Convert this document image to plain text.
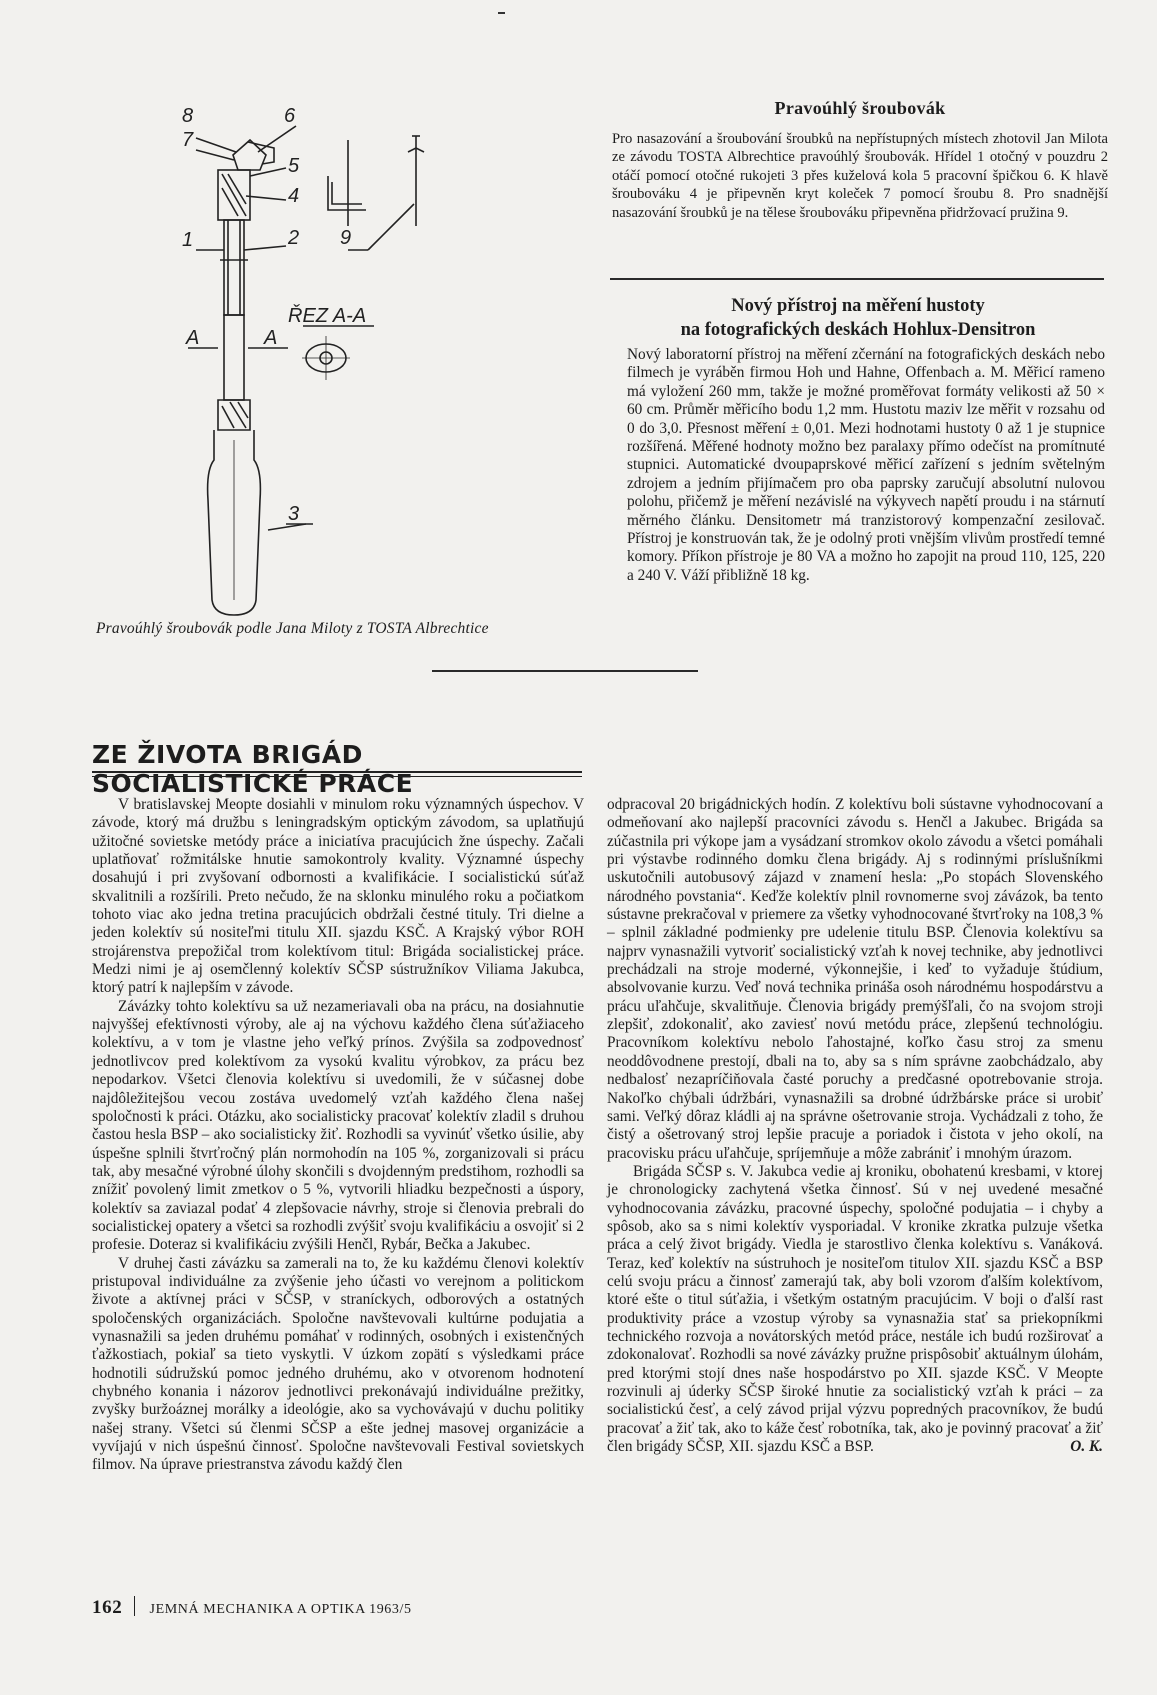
8	6
7
5
4
1	2 9
ŘEZ A-A
A	A
3
Pravoúhlý šroubovák podle Jana Miloty z TOSTA Albrechtice
Pravoúhlý šroubovák
Pro nasazování a šroubování šroubků na nepřístupných místech zhotovil Jan Milota ze závodu TOSTA Albrechtice pravoúhlý šroubovák. Hřídel 1 otočný v pouzdru 2 otáčí pomocí otočné rukojeti 3 přes kuželová kola 5 pracovní špičkou 6. K hlavě šroubováku 4 je připevněn kryt koleček 7 pomocí šroubu 8. Pro snadnější nasazování šroubků je na tělese šroubováku připevněna přidržovací pružina 9.
Nový přístroj na měření hustoty
na fotografických deskách Hohlux-Densitron
Nový laboratorní přístroj na měření zčernání na fotografických deskách nebo filmech je vyráběn firmou Hoh und Hahne, Offenbach a. M. Měřicí rameno má vyložení 260 mm, takže je možné proměřovat formáty velikosti až 50 × 60 cm. Průměr měřicího bodu 1,2 mm. Hustotu maziv lze měřit v rozsahu od 0 do 3,0. Přesnost měření ± 0,01. Mezi hodnotami hustoty 0 až 1 je stupnice rozšířená. Měřené hodnoty možno bez paralaxy přímo odečíst na promítnuté stupnici. Automatické dvoupaprskové měřicí zařízení s jedním světelným zdrojem a jedním přijímačem pro oba paprsky zaručují absolutní nulovou polohu, přičemž je měření nezávislé na výkyvech napětí proudu i na stárnutí měrného článku. Densitometr má tranzistorový kompenzační zesilovač. Přístroj je konstruován tak, že je odolný proti vnějším vlivům prostředí temné komory. Příkon přístroje je 80 VA a možno ho zapojit na proud 110, 125, 220 a 240 V. Váží přibližně 18 kg.
ZE ŽIVOTA BRIGÁD SOCIALISTICKÉ PRÁCE

V bratislavskej Meopte dosiahli v minulom roku významných úspechov. V závode, ktorý má družbu s leningradským optickým závodom, sa uplatňujú užitočné sovietske metódy práce a iniciatíva pracujúcich žne úspechy. Začali uplatňovať rožmitálske hnutie samokontroly kvality. Významné úspechy dosahujú i pri zvyšovaní odbornosti a kvalifikácie. I socialistickú súťaž skvalitnili a rozšírili. Preto nečudo, že na sklonku minulého roku a počiatkom tohoto viac ako jedna tretina pracujúcich obdržali čestné tituly. Tri dielne a jeden kolektív sú nositeľmi titulu XII. sjazdu KSČ. A Krajský výbor ROH strojárenstva prepožičal trom kolektívom titul: Brigáda socialistickej práce. Medzi nimi je aj osemčlenný kolektív SČSP sústružníkov Viliama Jakubca, ktorý patrí k najlepším v závode.

Závázky tohto kolektívu sa už nezameriavali oba na prácu, na dosiahnutie najvyššej efektívnosti výroby, ale aj na výchovu každého člena súťažiaceho kolektívu, a v tom je vlastne jeho veľký prínos. Zvýšila sa zodpovednosť jednotlivcov pred kolektívom za vysokú kvalitu výrobkov, za prácu bez nepodarkov. Všetci členovia kolektívu si uvedomili, že v súčasnej dobe najdôležitejšou vecou zostáva uvedomelý vzťah každého člena našej spoločnosti k práci. Otázku, ako socialisticky pracovať kolektív zladil s druhou častou hesla BSP – ako socialisticky žiť. Rozhodli sa vyvinúť všetko úsilie, aby úspešne splnili štvrťročný plán normohodín na 105 %, zorganizovali si prácu tak, aby mesačné výrobné úlohy skončili s dvojdenným predstihom, rozhodli sa znížiť povolený limit zmetkov o 5 %, vytvorili hliadku bezpečnosti a úspory, kolektív sa zaviazal podať 4 zlepšovacie návrhy, stroje si členovia prebrali do socialistickej opatery a všetci sa rozhodli zvýšiť svoju kvalifikáciu a osvojiť si 2 profesie. Doteraz si kvalifikáciu zvýšili Henčl, Rybár, Bečka a Jakubec.

V druhej časti závázku sa zamerali na to, že ku každému členovi kolektív pristupoval individuálne za zvýšenie jeho účasti vo verejnom a politickom živote a aktívnej práci v SČSP, v straníckych, odborových a ostatných spoločenských organizáciách. Spoločne navštevovali kultúrne podujatia a vynasnažili sa jeden druhému pomáhať v rodinných, osobných i existenčných ťažkostiach, pokiaľ sa tieto vyskytli. V úzkom zopätí s výsledkami práce hodnotili súdružskú pomoc jedného druhému, ako v otvorenom hodnotení chybného konania i názorov jednotlivci prekonávajú individuálne prežitky, zvyšky buržoáznej morálky a ideológie, ako sa vychovávajú v duchu politiky našej strany. Všetci sú členmi SČSP a ešte jednej masovej organizácie a vyvíjajú v nich úspešnú činnosť. Spoločne navštevovali Festival sovietskych filmov. Na úprave priestranstva závodu každý člen

odpracoval 20 brigádnických hodín. Z kolektívu boli sústavne vyhodnocovaní a odmeňovaní ako najlepší pracovníci závodu s. Henčl a Jakubec. Brigáda sa zúčastnila pri výkope jam a vysádzaní stromkov okolo závodu a všetci pomáhali pri výstavbe rodinného domku člena brigády. Aj s rodinnými príslušníkmi uskutočnili autobusový zájazd v znamení hesla: „Po stopách Slovenského národného povstania“. Keďže kolektív plnil rovnomerne svoj závázok, ba tento sústavne prekračoval v priemere za všetky vyhodnocované štvrťroky na 108,3 % – splnil základné podmienky pre udelenie titulu BSP. Členovia kolektívu sa najprv vynasnažili vytvoriť socialistický vzťah k novej technike, aby jednotlivci prechádzali na stroje moderné, výkonnejšie, i keď to vyžaduje štúdium, absolvovanie kurzu. Veď nová technika prináša osoh národnému hospodárstvu a prácu uľahčuje, skvalitňuje. Členovia brigády premýšľali, čo na svojom stroji zlepšiť, zdokonaliť, ako zaviesť novú metódu práce, zlepšenú technológiu. Pracovníkom kolektívu nebolo ľahostajné, koľko času stroj za smenu neoddôvodnene prestojí, dbali na to, aby sa s ním správne zaobchádzalo, aby nedbalosť nezapríčiňovala časté poruchy a predčasné opotrebovanie stroja. Nakoľko chýbali údržbári, vynasnažili sa drobné údržbárske práce si urobiť sami. Veľký dôraz kládli aj na správne ošetrovanie stroja. Vychádzali z toho, že čistý a ošetrovaný stroj lepšie pracuje a poriadok i čistota v jeho okolí, na pracovisku prácu uľahčuje, spríjemňuje a môže zabrániť i mnohým úrazom.

Brigáda SČSP s. V. Jakubca vedie aj kroniku, obohatenú kresbami, v ktorej je chronologicky zachytená všetka činnosť. Sú v nej uvedené mesačné vyhodnocovania závázku, pracovné úspechy, spoločné podujatia – i chyby a spôsob, ako sa s nimi kolektív vysporiadal. V kronike zkratka pulzuje všetka práca a celý život brigády. Viedla je starostlivo členka kolektívu s. Vanáková. Teraz, keď kolektív na sústruhoch je nositeľom titulov XII. sjazdu KSČ a BSP celú svoju prácu a činnosť zamerajú tak, aby boli vzorom ďalším kolektívom, ktoré ešte o titul súťažia, i všetkým ostatným pracujúcim. V boji o ďalší rast produktivity práce a vzostup výroby sa vynasnažia stať sa priekopníkmi technického rozvoja a novátorských metód práce, nestále ich budú rozširovať a zdokonalovať. Rozhodli sa nové závázky pružne prispôsobiť aktuálnym úlohám, pred ktorými stojí dnes naše hospodárstvo po XII. sjazde KSČ. V Meopte rozvinuli aj úderky SČSP široké hnutie za socialistický vzťah k práci – za socialistickú česť, a celý závod prijal výzvu popredných pracovníkov, že budú pracovať a žiť tak, ako to káže česť robotníka, tak, ako je povinný pracovať a žiť člen brigády SČSP, XII. sjazdu KSČ a BSP.	O. K.

162 JEMNÁ MECHANIKA A OPTIKA 1963/5
